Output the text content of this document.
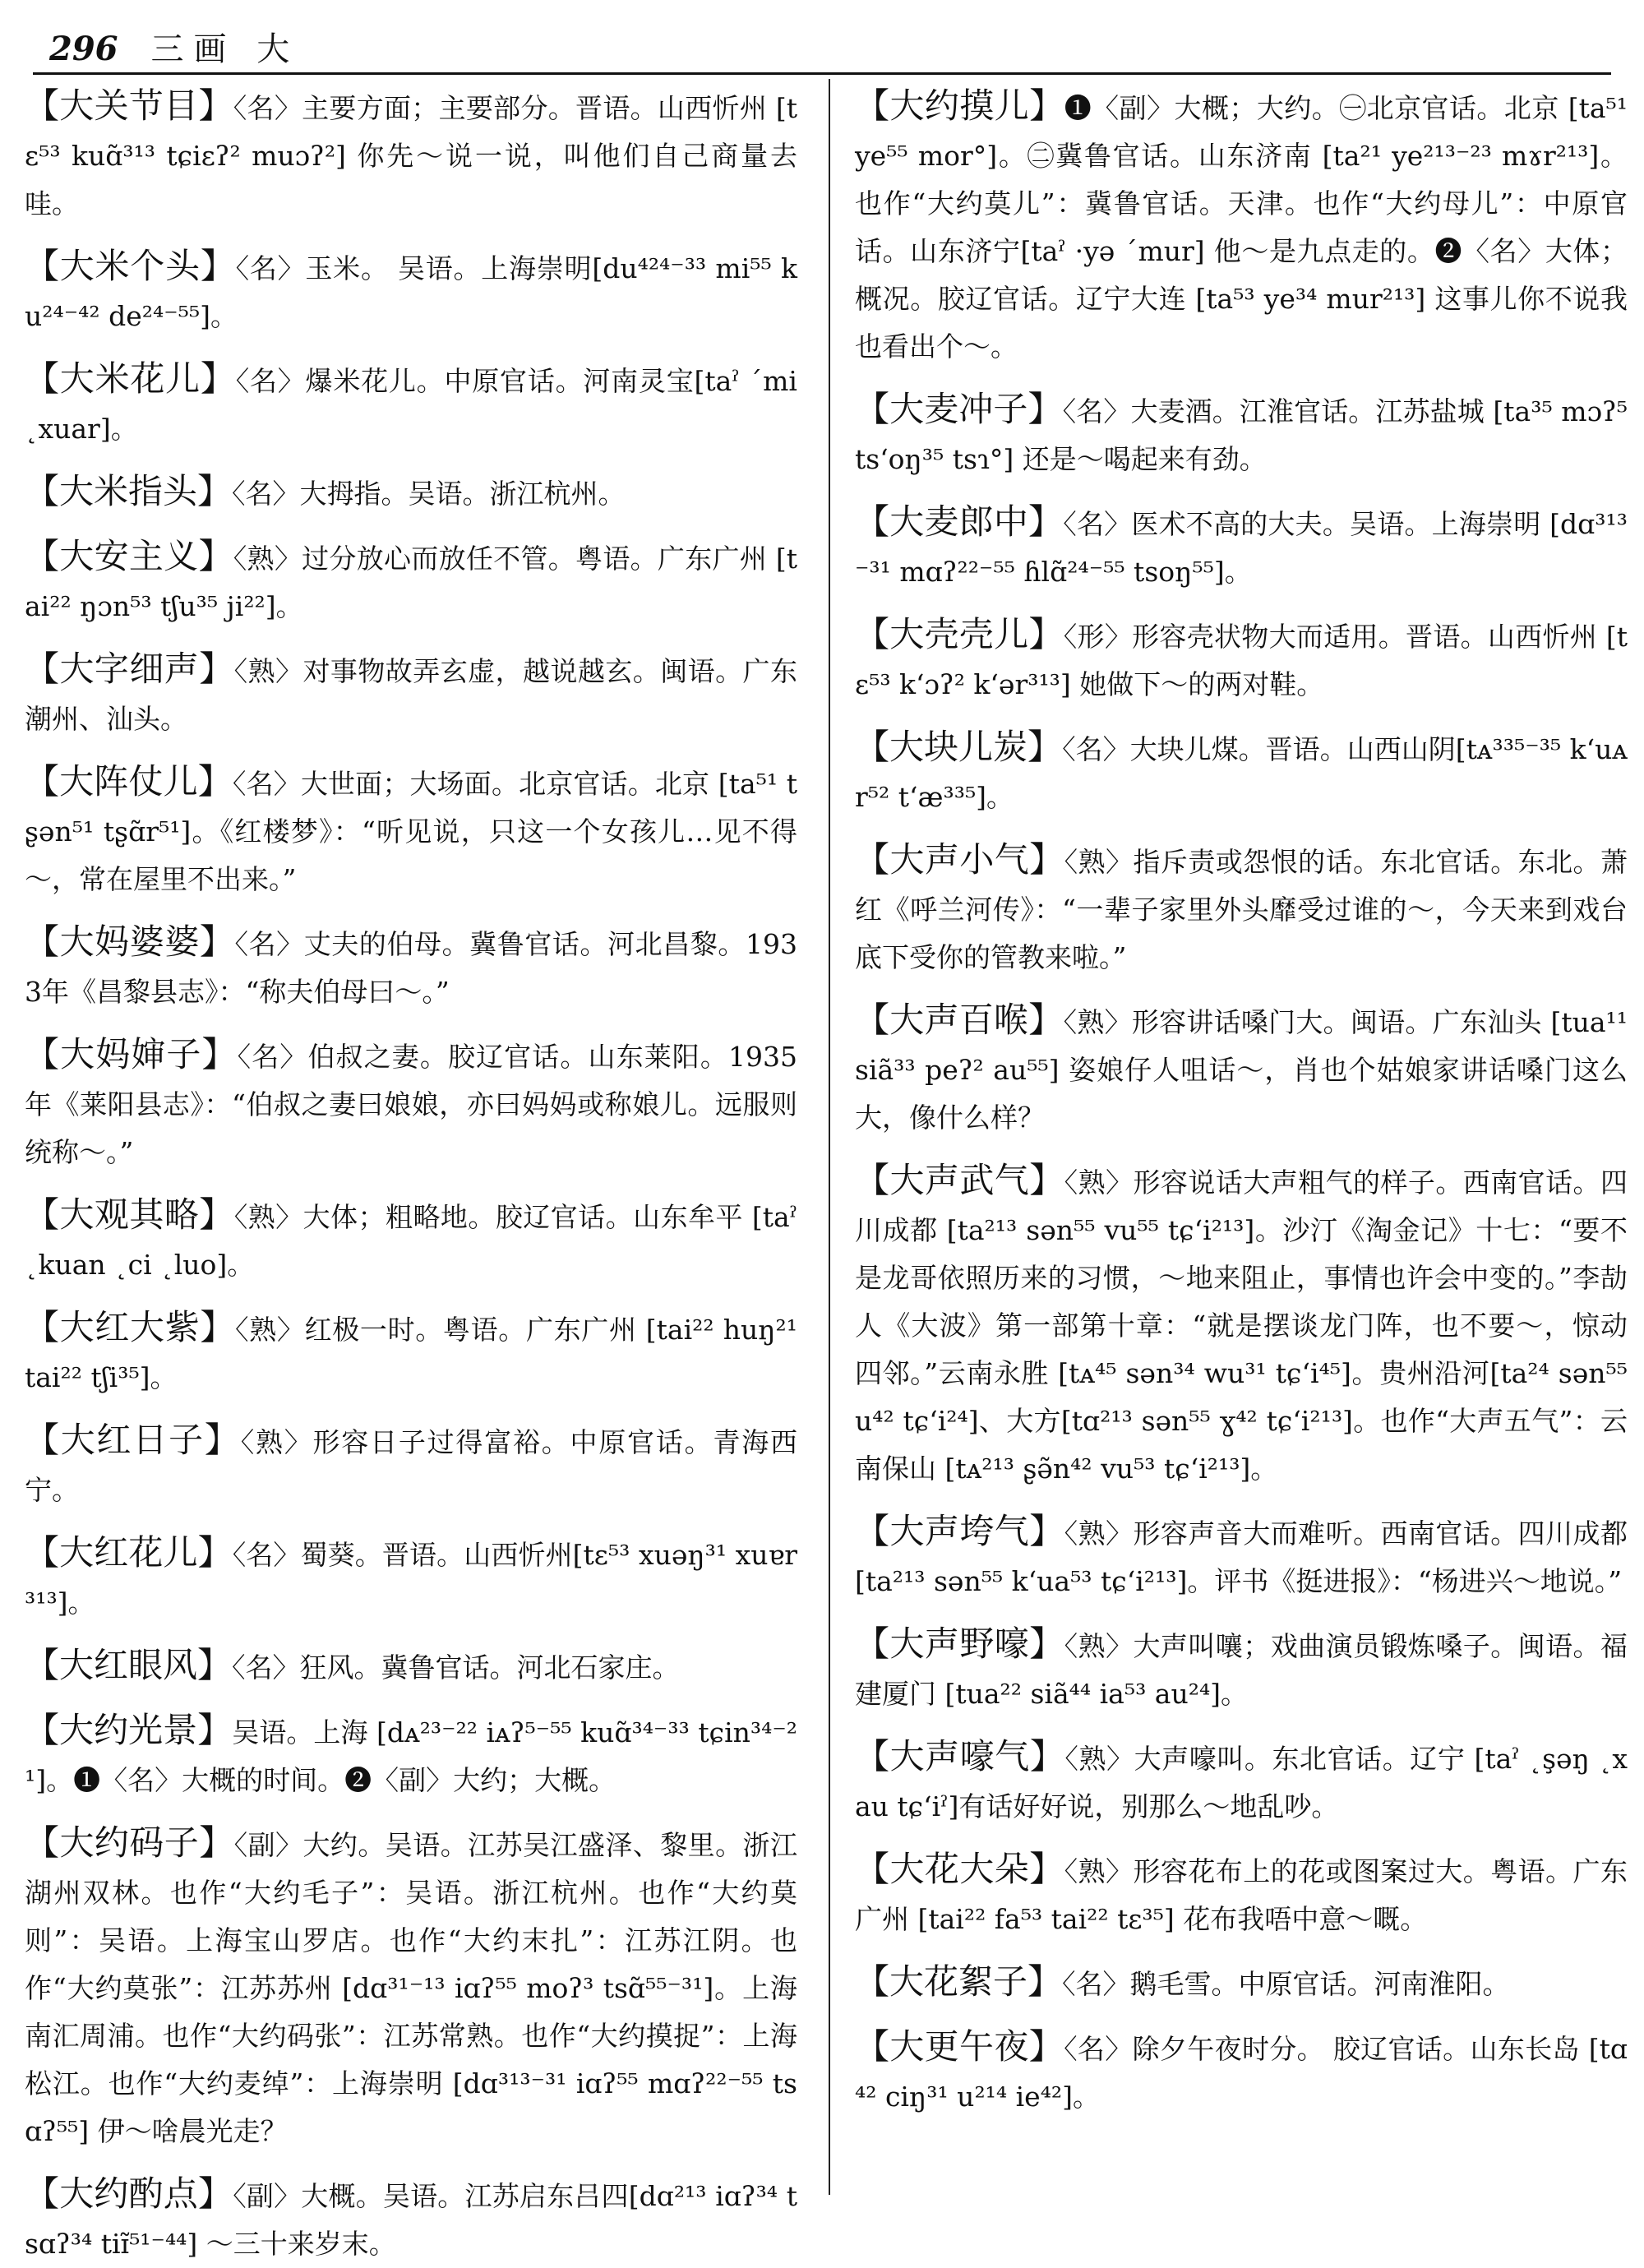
296 三画 大
【大关节目】〈名〉主要方面；主要部分。晋语。山西忻州 [tɛ⁵³ kuɑ̃³¹³ tɕiɛʔ² muɔʔ²] 你先～说一说，叫他们自己商量去哇。
【大米个头】〈名〉玉米。 吴语。上海崇明[du⁴²⁴⁻³³ mi⁵⁵ ku²⁴⁻⁴² de²⁴⁻⁵⁵]。
【大米花儿】〈名〉爆米花儿。中原官话。河南灵宝[taˀ ˊmi ˛xuar]。
【大米指头】〈名〉大拇指。吴语。浙江杭州。
【大安主义】〈熟〉过分放心而放任不管。粤语。广东广州 [tai²² ŋɔn⁵³ tʃu³⁵ ji²²]。
【大字细声】〈熟〉对事物故弄玄虚，越说越玄。闽语。广东潮州、汕头。
【大阵仗儿】〈名〉大世面；大场面。北京官话。北京 [ta⁵¹ tʂən⁵¹ tʂɑ̃r⁵¹]。《红楼梦》：“听见说，只这一个女孩儿…见不得～，常在屋里不出来。”
【大妈婆婆】〈名〉丈夫的伯母。冀鲁官话。河北昌黎。1933年《昌黎县志》：“称夫伯母曰～。”
【大妈婶子】〈名〉伯叔之妻。胶辽官话。山东莱阳。1935年《莱阳县志》：“伯叔之妻曰娘娘，亦曰妈妈或称娘儿。远服则统称～。”
【大观其略】〈熟〉大体；粗略地。胶辽官话。山东牟平 [taˀ ˛kuan ˛ci ˛luo]。
【大红大紫】〈熟〉红极一时。粤语。广东广州 [tai²² huŋ²¹ tai²² tʃi³⁵]。
【大红日子】〈熟〉形容日子过得富裕。中原官话。青海西宁。
【大红花儿】〈名〉蜀葵。晋语。山西忻州[tɛ⁵³ xuəŋ³¹ xuɐr³¹³]。
【大红眼风】〈名〉狂风。冀鲁官话。河北石家庄。
【大约光景】吴语。上海 [dᴀ²³⁻²² iᴀʔ⁵⁻⁵⁵ kuɑ̃³⁴⁻³³ tɕin³⁴⁻²¹]。❶〈名〉大概的时间。❷〈副〉大约；大概。
【大约码子】〈副〉大约。吴语。江苏吴江盛泽、黎里。浙江湖州双林。也作“大约毛子”：吴语。浙江杭州。也作“大约莫则”：吴语。上海宝山罗店。也作“大约末扎”：江苏江阴。也作“大约莫张”：江苏苏州 [dɑ³¹⁻¹³ iɑʔ⁵⁵ moʔ³ tsɑ̃⁵⁵⁻³¹]。上海南汇周浦。也作“大约码张”：江苏常熟。也作“大约摸捉”：上海松江。也作“大约麦绰”：上海崇明 [dɑ³¹³⁻³¹ iɑʔ⁵⁵ mɑʔ²²⁻⁵⁵ tsɑʔ⁵⁵] 伊～啥晨光走？
【大约酌点】〈副〉大概。吴语。江苏启东吕四[dɑ²¹³ iɑʔ³⁴ tsɑʔ³⁴ tiɪ̃⁵¹⁻⁴⁴] ～三十来岁末。
【大约摸儿】❶〈副〉大概；大约。㊀北京官话。北京 [ta⁵¹ ye⁵⁵ mor°]。㊁冀鲁官话。山东济南 [ta²¹ ye²¹³⁻²³ mɤr²¹³]。也作“大约莫儿”：冀鲁官话。天津。也作“大约母儿”：中原官话。山东济宁[taˀ ·yə ˊmur] 他～是九点走的。❷〈名〉大体；概况。胶辽官话。辽宁大连 [ta⁵³ ye³⁴ mur²¹³] 这事儿你不说我也看出个～。
【大麦冲子】〈名〉大麦酒。江淮官话。江苏盐城 [ta³⁵ mɔʔ⁵ tsʻoŋ³⁵ tsɿ°] 还是～喝起来有劲。
【大麦郎中】〈名〉医术不高的大夫。吴语。上海崇明 [dɑ³¹³⁻³¹ mɑʔ²²⁻⁵⁵ ɦlɑ̃²⁴⁻⁵⁵ tsoŋ⁵⁵]。
【大壳壳儿】〈形〉形容壳状物大而适用。晋语。山西忻州 [tɛ⁵³ kʻɔʔ² kʻər³¹³] 她做下～的两对鞋。
【大块儿炭】〈名〉大块儿煤。晋语。山西山阴[tᴀ³³⁵⁻³⁵ kʻuᴀr⁵² tʻæ³³⁵]。
【大声小气】〈熟〉指斥责或怨恨的话。东北官话。东北。萧红《呼兰河传》：“一辈子家里外头靡受过谁的～，今天来到戏台底下受你的管教来啦。”
【大声百喉】〈熟〉形容讲话嗓门大。闽语。广东汕头 [tua¹¹ siã³³ peʔ² au⁵⁵] 姿娘仔人咀话～，肖也个姑娘家讲话嗓门这么大，像什么样？
【大声武气】〈熟〉形容说话大声粗气的样子。西南官话。四川成都 [ta²¹³ sən⁵⁵ vu⁵⁵ tɕʻi²¹³]。沙汀《淘金记》十七：“要不是龙哥依照历来的习惯，～地来阻止，事情也许会中变的。”李劼人《大波》第一部第十章：“就是摆谈龙门阵，也不要～，惊动四邻。”云南永胜 [tᴀ⁴⁵ sən³⁴ wu³¹ tɕʻi⁴⁵]。贵州沿河[ta²⁴ sən⁵⁵ u⁴² tɕʻi²⁴]、大方[tɑ²¹³ sən⁵⁵ ɣ⁴² tɕʻi²¹³]。也作“大声五气”：云南保山 [tᴀ²¹³ ʂə̃n⁴² vu⁵³ tɕʻi²¹³]。
【大声垮气】〈熟〉形容声音大而难听。西南官话。四川成都[ta²¹³ sən⁵⁵ kʻua⁵³ tɕʻi²¹³]。评书《挺进报》：“杨进兴～地说。”
【大声野嚎】〈熟〉大声叫嚷；戏曲演员锻炼嗓子。闽语。福建厦门 [tua²² siã⁴⁴ ia⁵³ au²⁴]。
【大声嚎气】〈熟〉大声嚎叫。东北官话。辽宁 [taˀ ˛şəŋ ˛xau tɕʻiˀ]有话好好说，别那么～地乱吵。
【大花大朵】〈熟〉形容花布上的花或图案过大。粤语。广东广州 [tai²² fa⁵³ tai²² tɛ³⁵] 花布我唔中意～嘅。
【大花絮子】〈名〉鹅毛雪。中原官话。河南淮阳。
【大更午夜】〈名〉除夕午夜时分。 胶辽官话。山东长岛 [tɑ⁴² ciŋ³¹ u²¹⁴ ie⁴²]。
